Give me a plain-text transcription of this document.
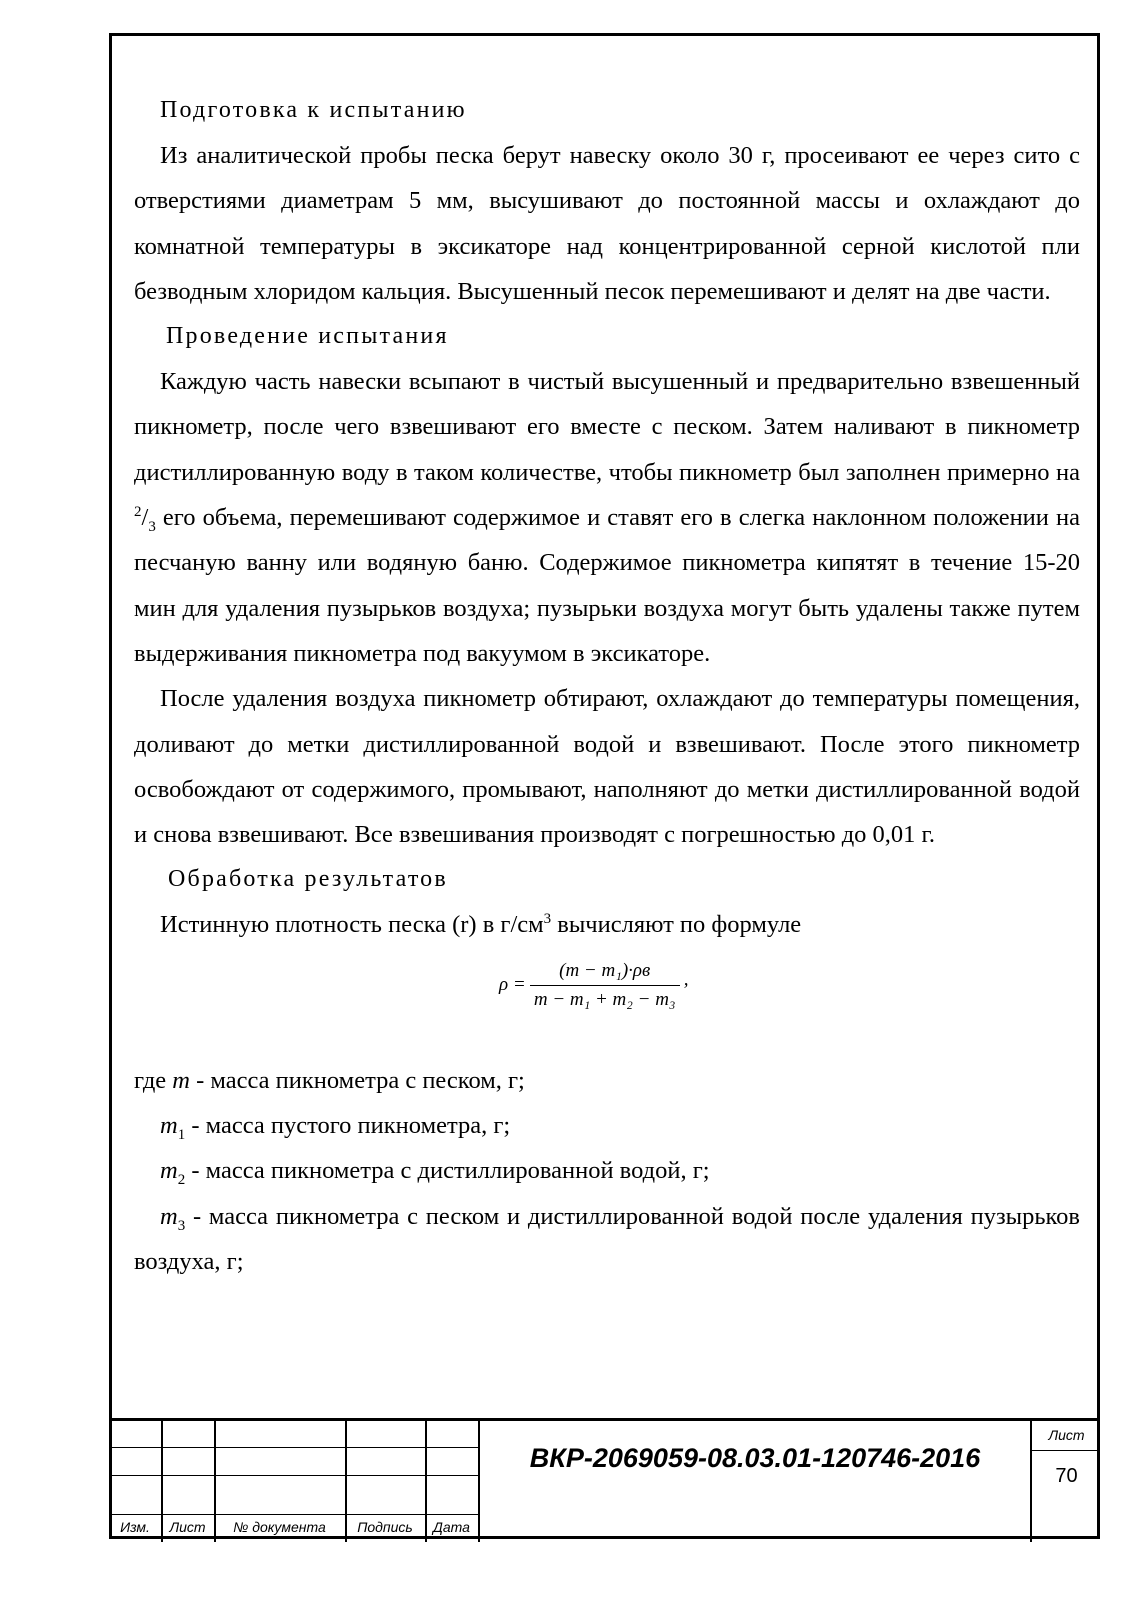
Подготовка к испытанию

Из аналитической пробы песка берут навеску около 30 г, просеивают ее через сито с отверстиями диаметрам 5 мм, высушивают до постоянной массы и охлаждают до комнатной температуры в эксикаторе над концентрированной серной кислотой пли безводным хлоридом кальция. Высушенный песок перемешивают и делят на две части.

Проведение испытания

Каждую часть навески всыпают в чистый высушенный и предварительно взвешенный пикнометр, после чего взвешивают его вместе с песком. Затем наливают в пикнометр дистиллированную воду в таком количестве, чтобы пикнометр был заполнен примерно на $^2/_3$ его объема, перемешивают содержимое и ставят его в слегка наклонном положении на песчаную ванну или водяную баню. Содержимое пикнометра кипятят в течение 15-20 мин для удаления пузырьков воздуха; пузырьки воздуха могут быть удалены также путем выдерживания пикнометра под вакуумом в эксикаторе.

После удаления воздуха пикнометр обтирают, охлаждают до температуры помещения, доливают до метки дистиллированной водой и взвешивают. После этого пикнометр освобождают от содержимого, промывают, наполняют до метки дистиллированной водой и снова взвешивают. Все взвешивания производят с погрешностью до 0,01 г.

Обработка результатов

Истинную плотность песка (r) в $г/см^3$ вычисляют по формуле

$\rho = \frac{\text{(m − m₁)·ρв}}{\text{m − m₁ + m₂ − m₃}}$ ,

где m - масса пикнометра с песком, г;

$m_1$ - масса пустого пикнометра, г;

$m_2$ - масса пикнометра с дистиллированной водой, г;

$m_3$ - масса пикнометра с песком и дистиллированной водой после удаления пузырьков воздуха, г;

Изм.	Лист	№ документа	Подпись	Дата
ВКР-2069059-08.03.01-120746-2016
Лист
70
